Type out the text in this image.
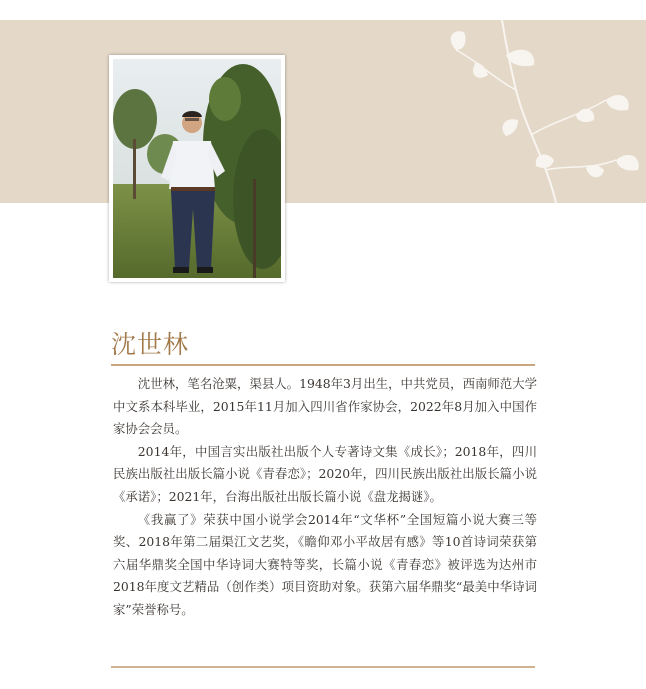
沈世林

沈世林，笔名沧粟，渠县人。1948年3月出生，中共党员，西南师范大学中文系本科毕业，2015年11月加入四川省作家协会，2022年8月加入中国作家协会会员。

2014年，中国言实出版社出版个人专著诗文集《成长》；2018年，四川民族出版社出版长篇小说《青春恋》；2020年，四川民族出版社出版长篇小说《承诺》；2021年，台海出版社出版长篇小说《盘龙揭谜》。

《我赢了》荣获中国小说学会2014年“文华杯”全国短篇小说大赛三等奖、2018年第二届渠江文艺奖，《瞻仰邓小平故居有感》等10首诗词荣获第六届华鼎奖全国中华诗词大赛特等奖，长篇小说《青春恋》被评选为达州市2018年度文艺精品（创作类）项目资助对象。获第六届华鼎奖“最美中华诗词家”荣誉称号。
